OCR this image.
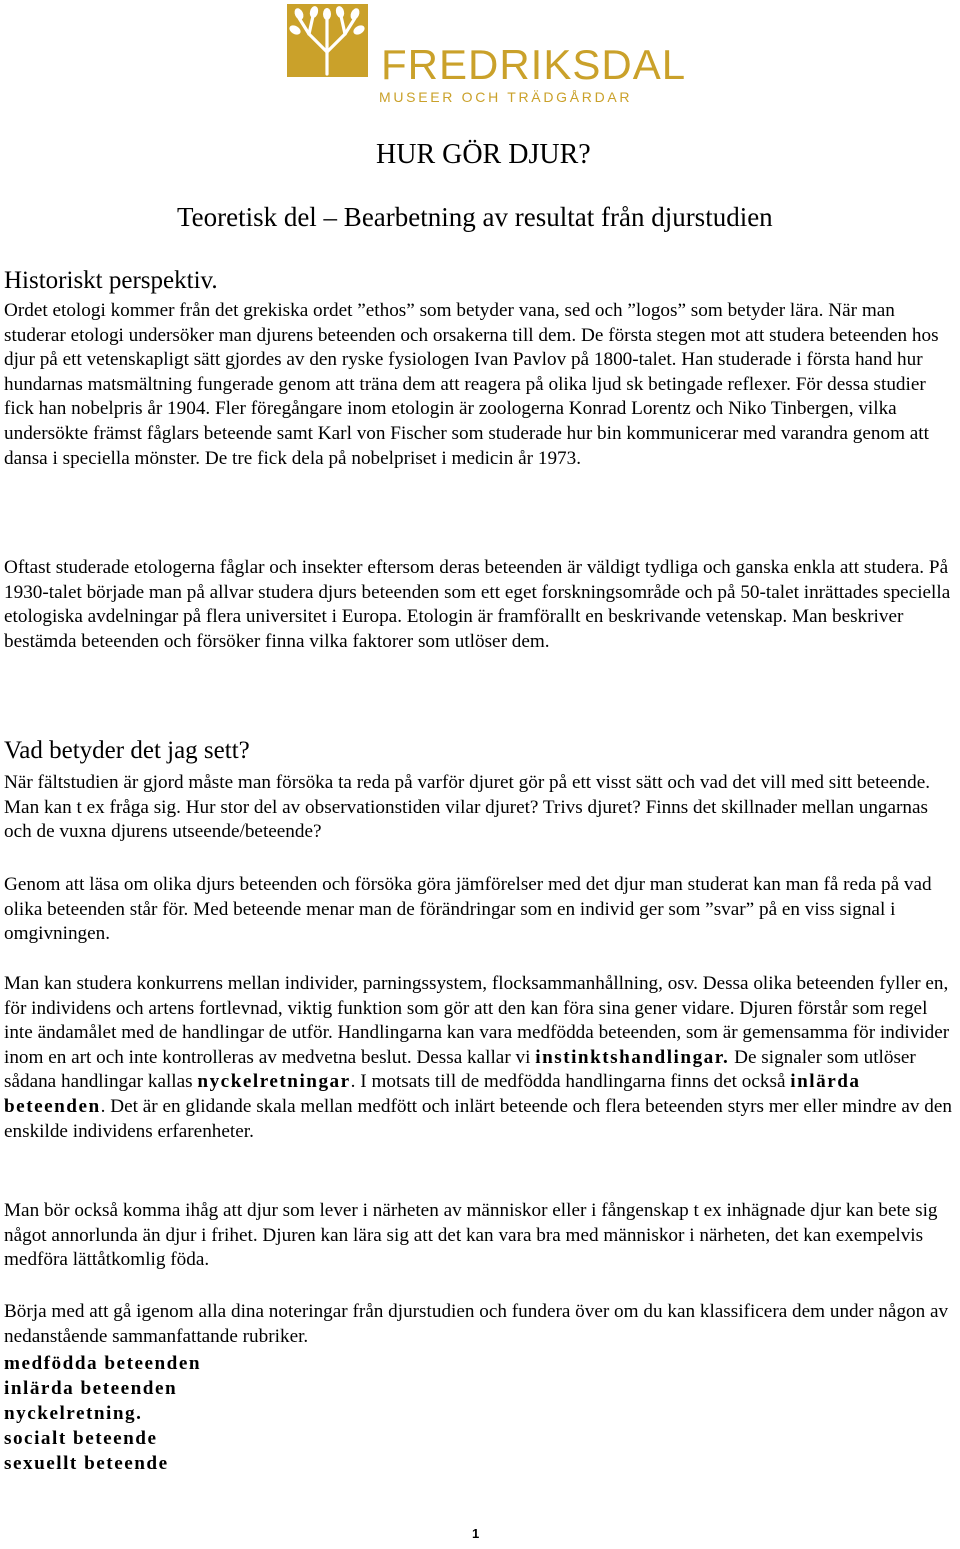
FREDRIKSDAL
MUSEER OCH TRÄDGÅRDAR
HUR GÖR DJUR?
Teoretisk del – Bearbetning av resultat från djurstudien
Historiskt perspektiv.

Ordet etologi kommer från det grekiska ordet ”ethos” som betyder vana, sed och ”logos” som betyder lära. När man studerar etologi undersöker man djurens beteenden och orsakerna till dem. De första stegen mot att studera beteenden hos djur på ett vetenskapligt sätt gjordes av den ryske fysiologen Ivan Pavlov på 1800-talet. Han studerade i första hand hur hundarnas matsmältning fungerade genom att träna dem att reagera på olika ljud sk betingade reflexer. För dessa studier fick han nobelpris år 1904. Fler föregångare inom etologin är zoologerna Konrad Lorentz och Niko Tinbergen, vilka undersökte främst fåglars beteende samt Karl von Fischer som studerade hur bin kommunicerar med varandra genom att dansa i speciella mönster. De tre fick dela på nobelpriset i medicin år 1973.

Oftast studerade etologerna fåglar och insekter eftersom deras beteenden är väldigt tydliga och ganska enkla att studera. På 1930-talet började man på allvar studera djurs beteenden som ett eget forskningsområde och på 50-talet inrättades speciella etologiska avdelningar på flera universitet i Europa. Etologin är framförallt en beskrivande vetenskap. Man beskriver bestämda beteenden och försöker finna vilka faktorer som utlöser dem.

Vad betyder det jag sett?

När fältstudien är gjord måste man försöka ta reda på varför djuret gör på ett visst sätt och vad det vill med sitt beteende. Man kan t ex fråga sig. Hur stor del av observationstiden vilar djuret? Trivs djuret? Finns det skillnader mellan ungarnas och de vuxna djurens utseende/beteende?

Genom att läsa om olika djurs beteenden och försöka göra jämförelser med det djur man studerat kan man få reda på vad olika beteenden står för. Med beteende menar man de förändringar som en individ ger som ”svar” på en viss signal i omgivningen.

Man kan studera konkurrens mellan individer, parningssystem, flocksammanhållning, osv. Dessa olika beteenden fyller en, för individens och artens fortlevnad, viktig funktion som gör att den kan föra sina gener vidare. Djuren förstår som regel inte ändamålet med de handlingar de utför. Handlingarna kan vara medfödda beteenden, som är gemensamma för individer inom en art och inte kontrolleras av medvetna beslut. Dessa kallar vi instinktshandlingar. De signaler som utlöser sådana handlingar kallas nyckelretningar. I motsats till de medfödda handlingarna finns det också inlärda beteenden. Det är en glidande skala mellan medfött och inlärt beteende och flera beteenden styrs mer eller mindre av den enskilde individens erfarenheter.

Man bör också komma ihåg att djur som lever i närheten av människor eller i fångenskap t ex inhägnade djur kan bete sig något annorlunda än djur i frihet. Djuren kan lära sig att det kan vara bra med människor i närheten, det kan exempelvis medföra lättåtkomlig föda.

Börja med att gå igenom alla dina noteringar från djurstudien och fundera över om du kan klassificera dem under någon av nedanstående sammanfattande rubriker.

medfödda beteenden
inlärda beteenden
nyckelretning.
socialt beteende
sexuellt beteende
1
